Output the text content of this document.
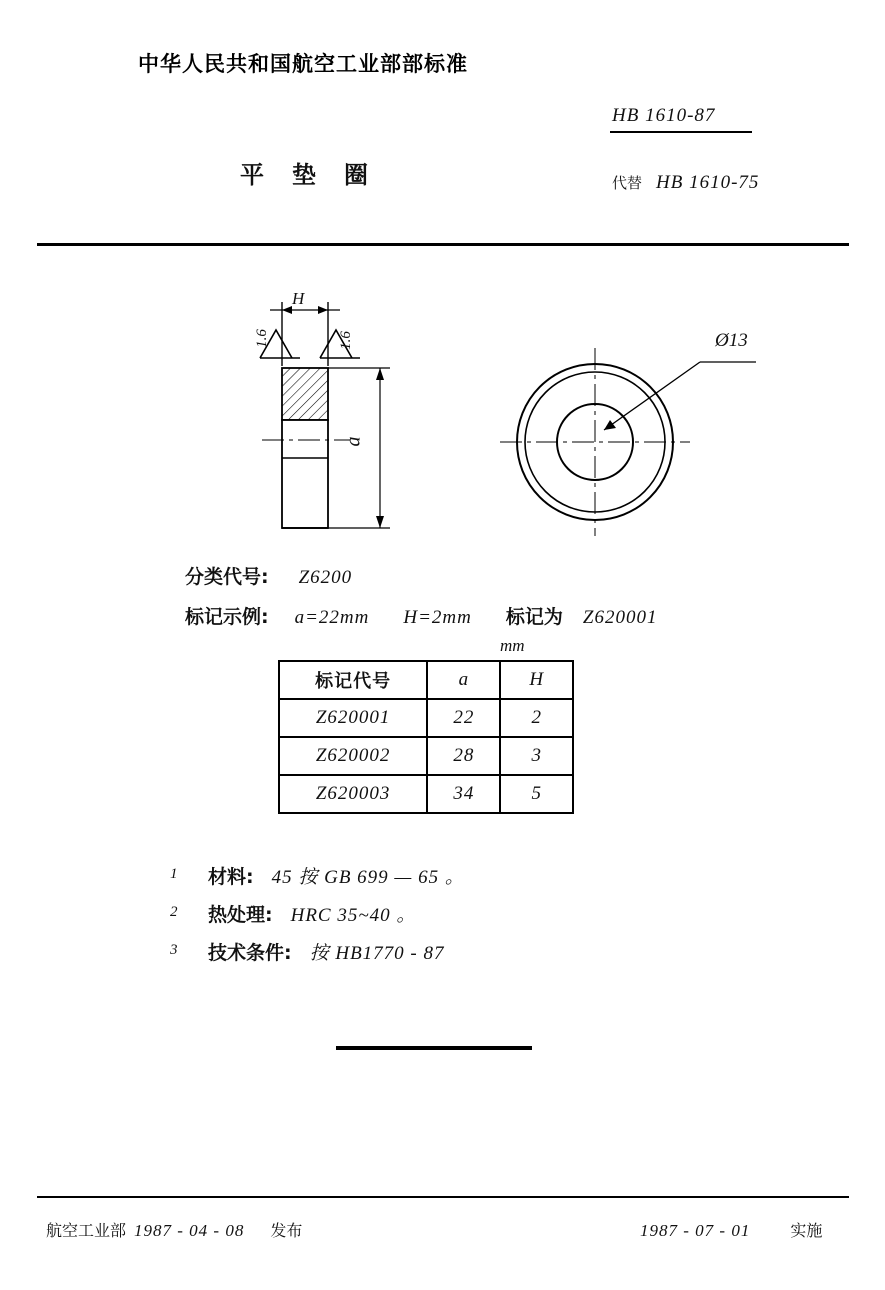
中华人民共和国航空工业部部标准
HB 1610-87
平垫圈	代替 HB 1610-75
H
a
1.6	1.6	Ø13
分类代号: Z6200
标记示例: a=22mm H=2mm 标记为 Z620001
mm
标记代号	a	H
Z620001	22	2
Z620002	28	3
Z620003	34	5
1 材料: 45 按 GB 699 — 65 。
2 热处理: HRC 35~40 。
3 技术条件: 按 HB1770 - 87
航空工业部 1987 - 04 - 08 发布	1987 - 07 - 01	实施
